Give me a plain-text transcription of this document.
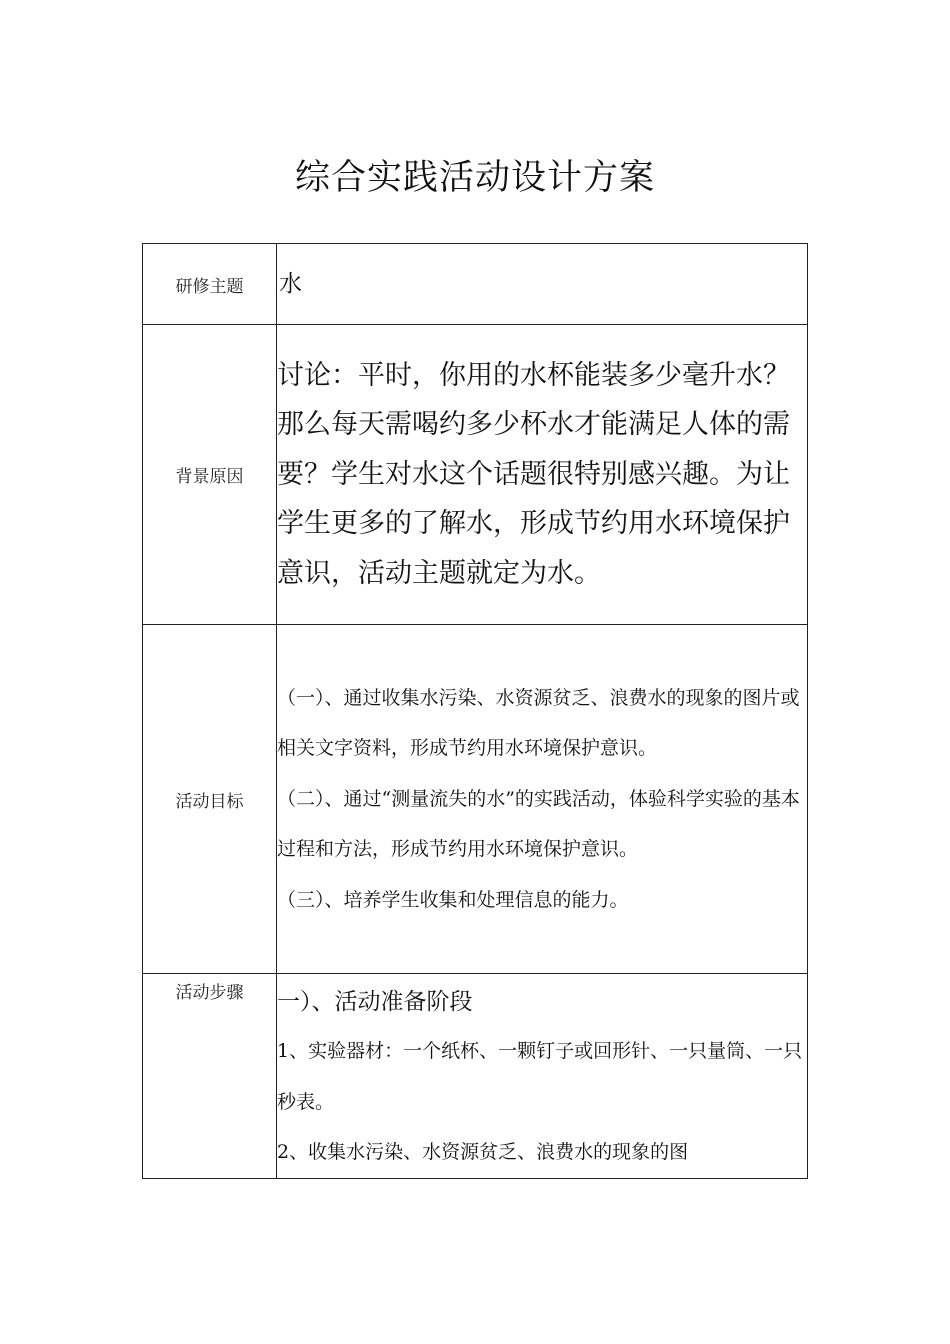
综合实践活动设计方案
研修主题	水

背景原因	讨论：平时，你用的水杯能装多少毫升水？那么每天需喝约多少杯水才能满足人体的需要？学生对水这个话题很特别感兴趣。为让学生更多的了解水，形成节约用水环境保护意识，活动主题就定为水。

活动目标	（一）、通过收集水污染、水资源贫乏、浪费水的现象的图片或相关文字资料，形成节约用水环境保护意识。

（二）、通过“测量流失的水”的实践活动，体验科学实验的基本过程和方法，形成节约用水环境保护意识。

（三）、培养学生收集和处理信息的能力。

活动步骤	一）、活动准备阶段

1、实验器材：一个纸杯、一颗钉子或回形针、一只量筒、一只秒表。

2、收集水污染、水资源贫乏、浪费水的现象的图
